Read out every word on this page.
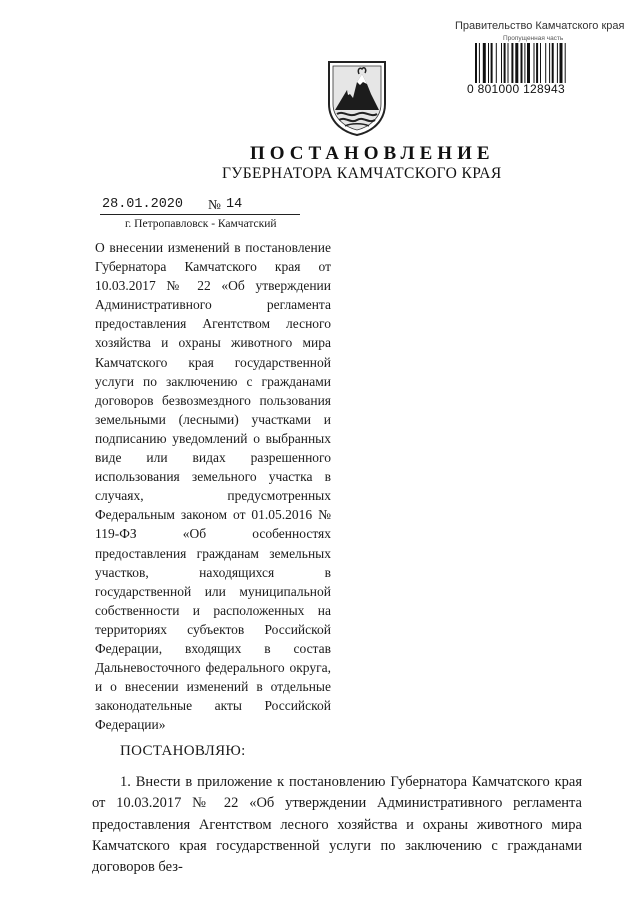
Правительство Камчатского края
Пропущенная часть
0 801000 128943
ПОСТАНОВЛЕНИЕ
ГУБЕРНАТОРА КАМЧАТСКОГО КРАЯ
28.01.2020 № 14
г. Петропавловск - Камчатский
О внесении изменений в постановление Губернатора Камчатского края от 10.03.2017 № 22 «Об утверждении Административного регламента предоставления Агентством лесного хозяйства и охраны животного мира Камчатского края государственной услуги по заключению с гражданами договоров безвозмездного пользования земельными (лесными) участками и подписанию уведомлений о выбранных виде или видах разрешенного использования земельного участка в случаях, предусмотренных Федеральным законом от 01.05.2016 № 119-ФЗ «Об особенностях предоставления гражданам земельных участков, находящихся в государственной или муниципальной собственности и расположенных на территориях субъектов Российской Федерации, входящих в состав Дальневосточного федерального округа, и о внесении изменений в отдельные законодательные акты Российской Федерации»
ПОСТАНОВЛЯЮ:
1. Внести в приложение к постановлению Губернатора Камчатского края от 10.03.2017 № 22 «Об утверждении Административного регламента предоставления Агентством лесного хозяйства и охраны животного мира Камчатского края государственной услуги по заключению с гражданами договоров без-
